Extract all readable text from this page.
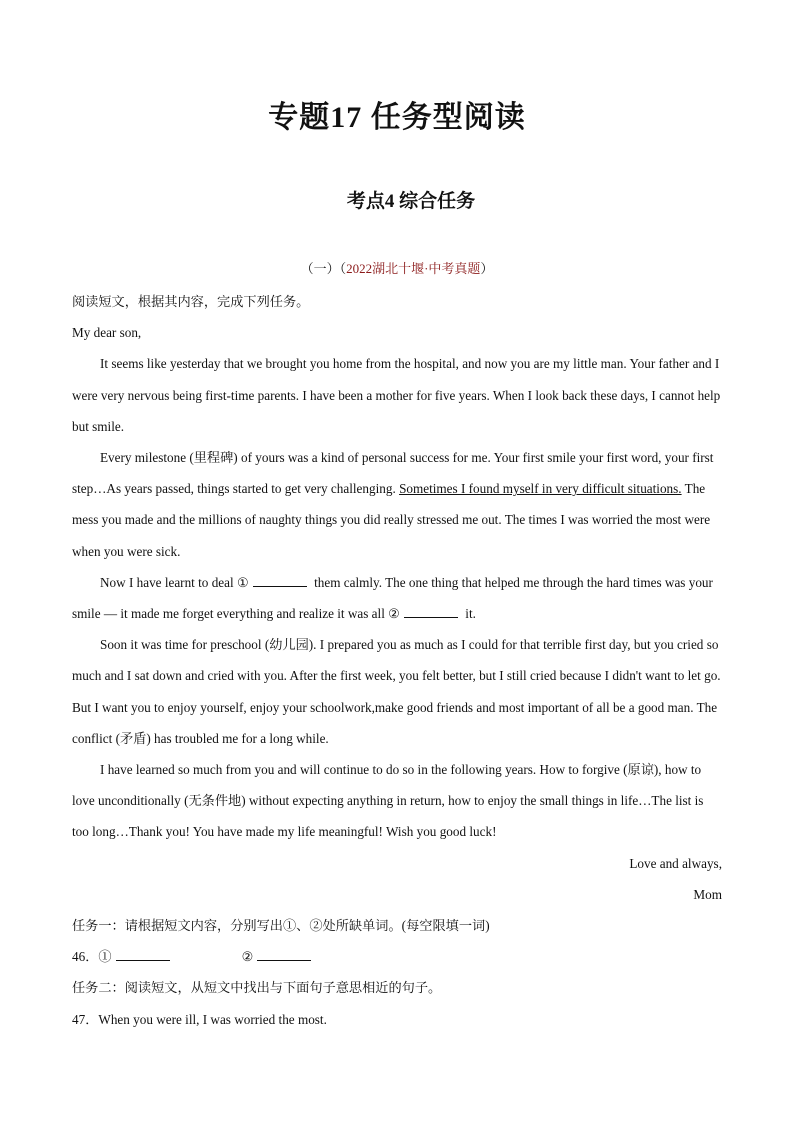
专题17 任务型阅读
考点4 综合任务
（一）（2022湖北十堰·中考真题）

阅读短文，根据其内容，完成下列任务。

My dear son,

It seems like yesterday that we brought you home from the hospital, and now you are my little man. Your father and I were very nervous being first-time parents. I have been a mother for five years. When I look back these days, I cannot help but smile.

Every milestone (里程碑) of yours was a kind of personal success for me. Your first smile your first word, your first step…As years passed, things started to get very challenging. Sometimes I found myself in very difficult situations. The mess you made and the millions of naughty things you did really stressed me out. The times I was worried the most were when you were sick.

Now I have learnt to deal ①	them calmly. The one thing that helped me through the hard times was your smile — it made me forget everything and realize it was all ②	it.

Soon it was time for preschool (幼儿园). I prepared you as much as I could for that terrible first day, but you cried so much and I sat down and cried with you. After the first week, you felt better, but I still cried because I didn't want to let go. But I want you to enjoy yourself, enjoy your schoolwork,make good friends and most important of all be a good man. The conflict (矛盾) has troubled me for a long while.

I have learned so much from you and will continue to do so in the following years. How to forgive (原谅), how to love unconditionally (无条件地) without expecting anything in return, how to enjoy the small things in life…The list is too long…Thank you! You have made my life meaningful! Wish you good luck!

Love and always,

Mom

任务一：请根据短文内容，分别写出①、②处所缺单词。(每空限填一词)

46．①	②

任务二：阅读短文，从短文中找出与下面句子意思相近的句子。

47．When you were ill, I was worried the most.
